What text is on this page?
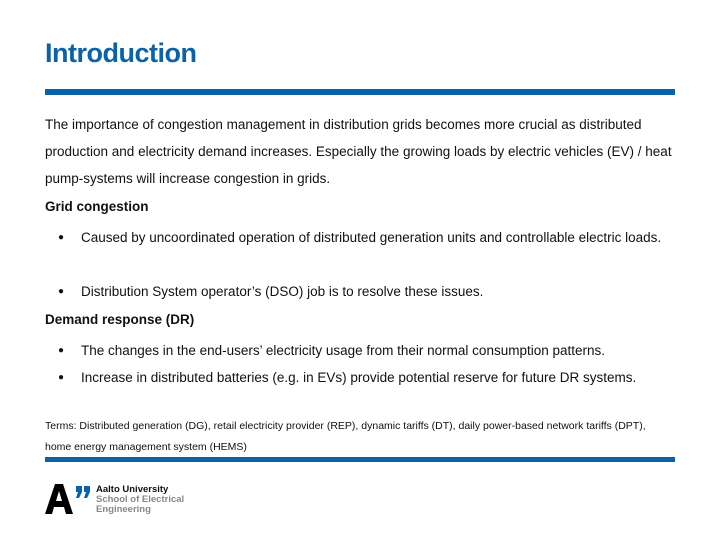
Introduction
The importance of congestion management in distribution grids becomes more crucial as distributed production and electricity demand increases. Especially the growing loads by electric vehicles (EV) / heat pump-systems will increase congestion in grids.
Grid congestion
● Caused by uncoordinated operation of distributed generation units and controllable electric loads.
● Distribution System operator’s (DSO) job is to resolve these issues.
Demand response (DR)
● The changes in the end-users’ electricity usage from their normal consumption patterns.
● Increase in distributed batteries (e.g. in EVs) provide potential reserve for future DR systems.
Terms: Distributed generation (DG), retail electricity provider (REP), dynamic tariffs (DT), daily power-based network tariffs (DPT), home energy management system (HEMS)
Aalto University
School of Electrical
Engineering
